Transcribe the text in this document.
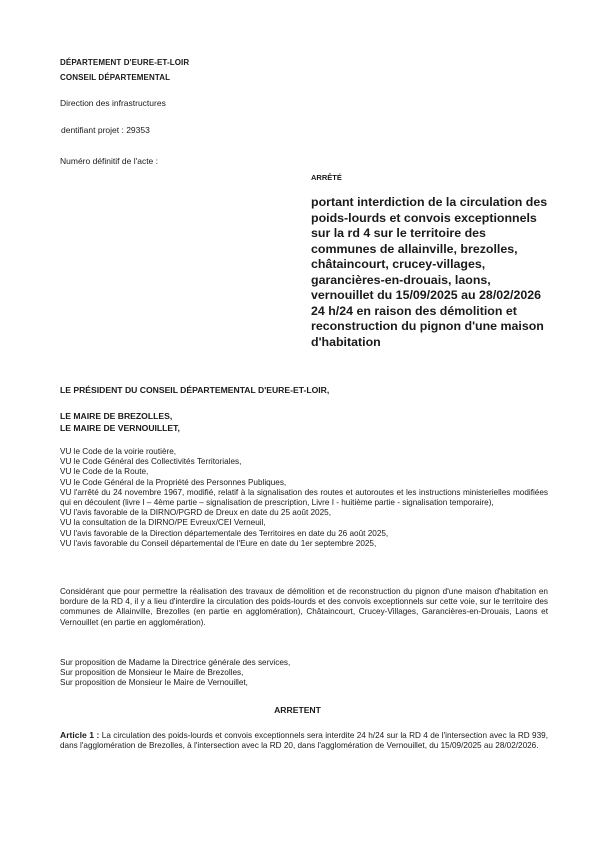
DÉPARTEMENT D'EURE-ET-LOIR
CONSEIL DÉPARTEMENTAL
Direction des infrastructures
dentifiant projet : 29353
Numéro définitif de l'acte :
ARRÊTÉ
portant interdiction de la circulation des poids-lourds et convois exceptionnels sur la rd 4 sur le territoire des communes de allainville, brezolles, châtaincourt, crucey-villages, garancières-en-drouais, laons, vernouillet du 15/09/2025 au 28/02/2026 24 h/24 en raison des démolition et reconstruction du pignon d'une maison d'habitation
LE PRÉSIDENT DU CONSEIL DÉPARTEMENTAL D'EURE-ET-LOIR,
LE MAIRE DE BREZOLLES,
LE MAIRE DE VERNOUILLET,
VU le Code de la voirie routière,
VU le Code Général des Collectivités Territoriales,
VU le Code de la Route,
VU le Code Général de la Propriété des Personnes Publiques,
VU l'arrêté du 24 novembre 1967, modifié, relatif à la signalisation des routes et autoroutes et les instructions ministerielles modifiées qui en découlent (livre I – 4ème partie – signalisation de prescription, Livre I - huitième partie - signalisation temporaire),
VU l'avis favorable de la DIRNO/PGRD de Dreux en date du 25 août 2025,
VU la consultation de la DIRNO/PE Evreux/CEI Verneuil,
VU l'avis favorable de la Direction départementale des Territoires en date du 26 août 2025,
VU l'avis favorable du Conseil départemental de l'Eure en date du 1er septembre 2025,
Considérant que pour permettre la réalisation des travaux de démolition et de reconstruction du pignon d'une maison d'habitation en bordure de la RD 4, il y a lieu d'interdire la circulation des poids-lourds et des convois exceptionnels sur cette voie, sur le territoire des communes de Allainville, Brezolles (en partie en agglomération), Châtaincourt, Crucey-Villages, Garancières-en-Drouais, Laons et Vernouillet (en partie en agglomération).
Sur proposition de Madame la Directrice générale des services,
Sur proposition de Monsieur le Maire de Brezolles,
Sur proposition de Monsieur le Maire de Vernouillet,
ARRETENT
Article 1 : La circulation des poids-lourds et convois exceptionnels sera interdite 24 h/24 sur la RD 4 de l'intersection avec la RD 939, dans l'agglomération de Brezolles, à l'intersection avec la RD 20, dans l'agglomération de Vernouillet, du 15/09/2025 au 28/02/2026.
